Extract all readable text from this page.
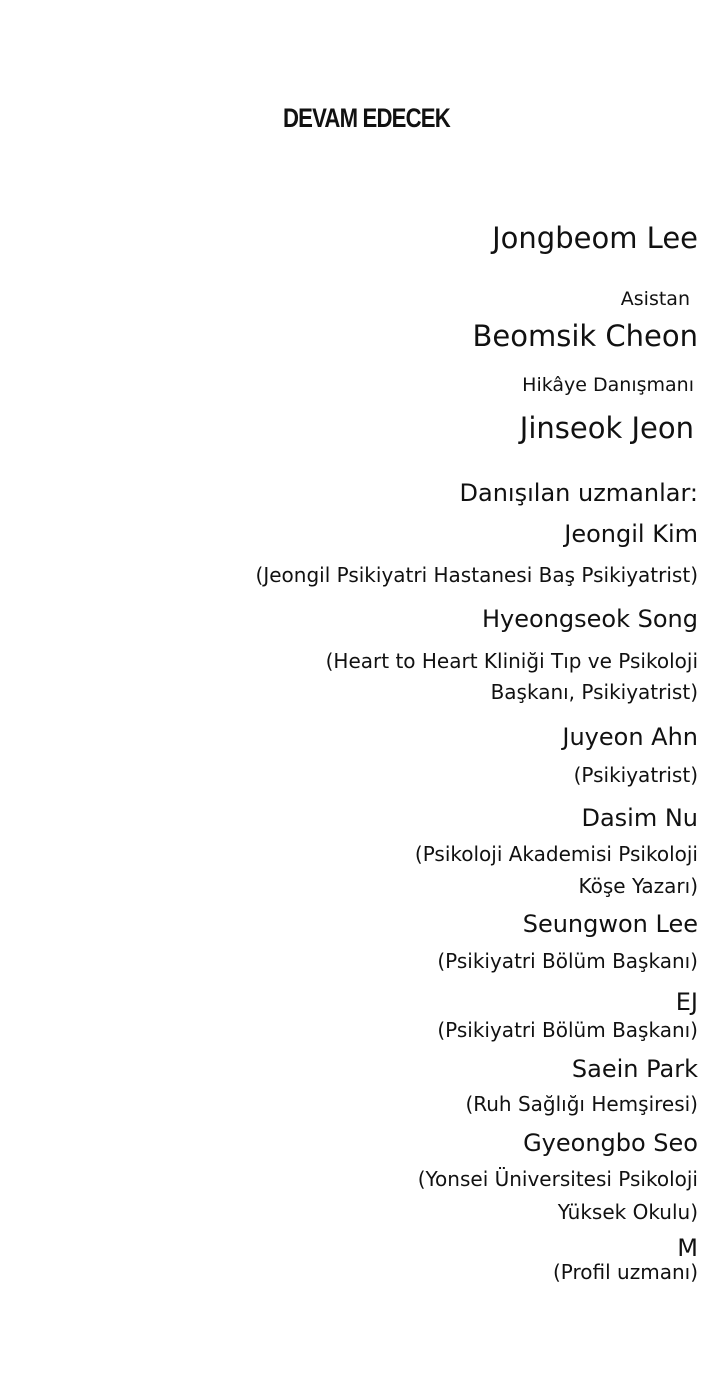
DEVAM EDECEK
Jongbeom Lee
Asistan
Beomsik Cheon
Hikâye Danışmanı
Jinseok Jeon
Danışılan uzmanlar:
Jeongil Kim
(Jeongil Psikiyatri Hastanesi Baş Psikiyatrist)
Hyeongseok Song
(Heart to Heart Kliniği Tıp ve Psikoloji
Başkanı, Psikiyatrist)
Juyeon Ahn
(Psikiyatrist)
Dasim Nu
(Psikoloji Akademisi Psikoloji
Köşe Yazarı)
Seungwon Lee
(Psikiyatri Bölüm Başkanı)
EJ
(Psikiyatri Bölüm Başkanı)
Saein Park
(Ruh Sağlığı Hemşiresi)
Gyeongbo Seo
(Yonsei Üniversitesi Psikoloji
Yüksek Okulu)
M
(Profil uzmanı)
